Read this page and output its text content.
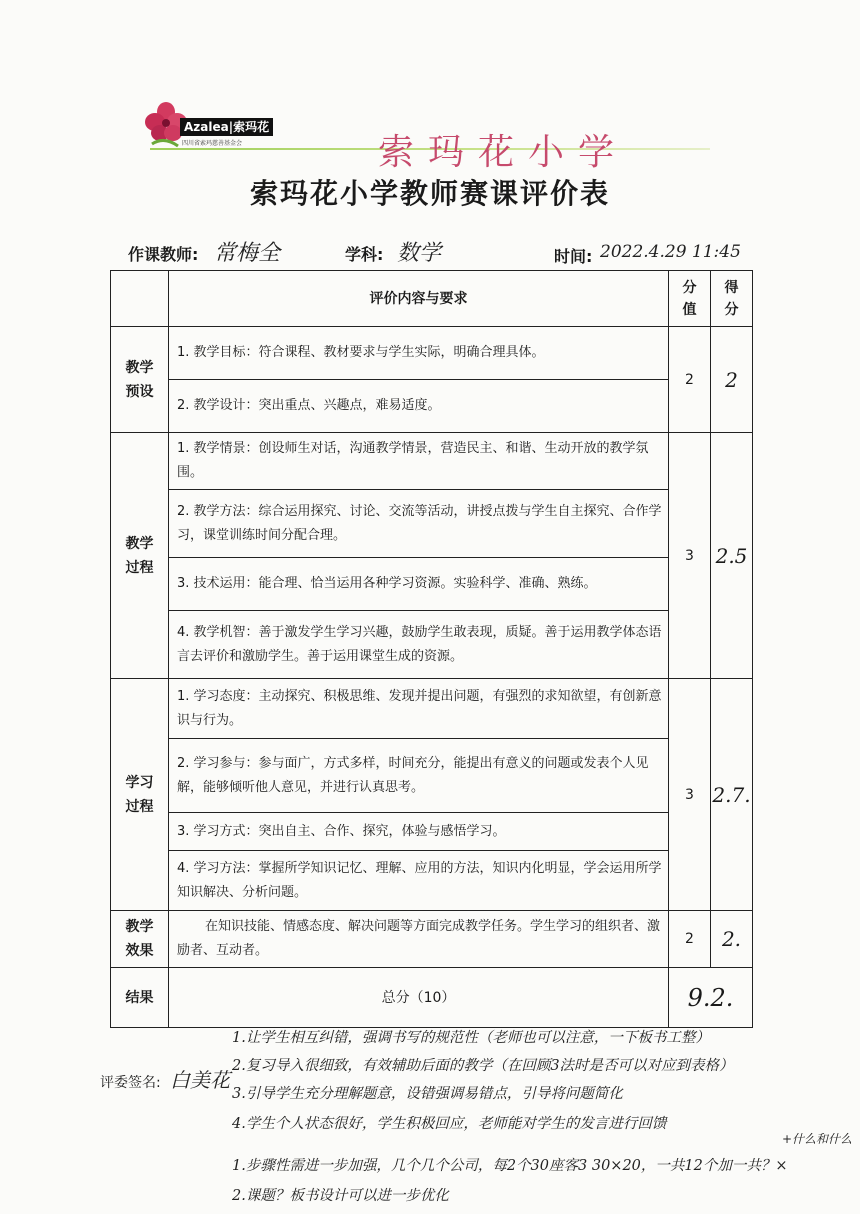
Azalea|索玛花
四川省索玛慈善基金会	索玛花小学
索玛花小学教师赛课评价表
作课教师: 常梅全	学科: 数学	时间: 2022.4.29 11:45
	评价内容与要求	分值	得分

教学预设	1. 教学目标：符合课程、教材要求与学生实际，明确合理具体。	2	2
	2. 教学设计：突出重点、兴趣点，难易适度。		

教学过程	1. 教学情景：创设师生对话，沟通教学情景，营造民主、和谐、生动开放的教学氛围。	3	2.5
	2. 教学方法：综合运用探究、讨论、交流等活动，讲授点拨与学生自主探究、合作学习，课堂训练时间分配合理。		
	3. 技术运用：能合理、恰当运用各种学习资源。实验科学、准确、熟练。		
	4. 教学机智：善于激发学生学习兴趣，鼓励学生敢表现，质疑。善于运用教学体态语言去评价和激励学生。善于运用课堂生成的资源。		

学习过程	1. 学习态度：主动探究、积极思维、发现并提出问题，有强烈的求知欲望，有创新意识与行为。	3	2.7.
	2. 学习参与：参与面广，方式多样，时间充分，能提出有意义的问题或发表个人见解，能够倾听他人意见，并进行认真思考。		
	3. 学习方式：突出自主、合作、探究，体验与感悟学习。		
	4. 学习方法：掌握所学知识记忆、理解、应用的方法，知识内化明显，学会运用所学知识解决、分析问题。		

教学效果	在知识技能、情感态度、解决问题等方面完成教学任务。学生学习的组织者、激励者、互动者。	2	2.
结果	总分（10）	9.2.	
评委签名: 白美花
1.让学生相互纠错，强调书写的规范性（老师也可以注意，一下板书工整）
2.复习导入很细致，有效辅助后面的教学（在回顾3法时是否可以对应到表格）
3.引导学生充分理解题意，设错强调易错点，引导将问题简化
4.学生个人状态很好，学生积极回应，老师能对学生的发言进行回馈
+什么和什么
1.步骤性需进一步加强，几个几个公司，每2个30座客3 30×20，一共12个加一共？×
2.课题？板书设计可以进一步优化
